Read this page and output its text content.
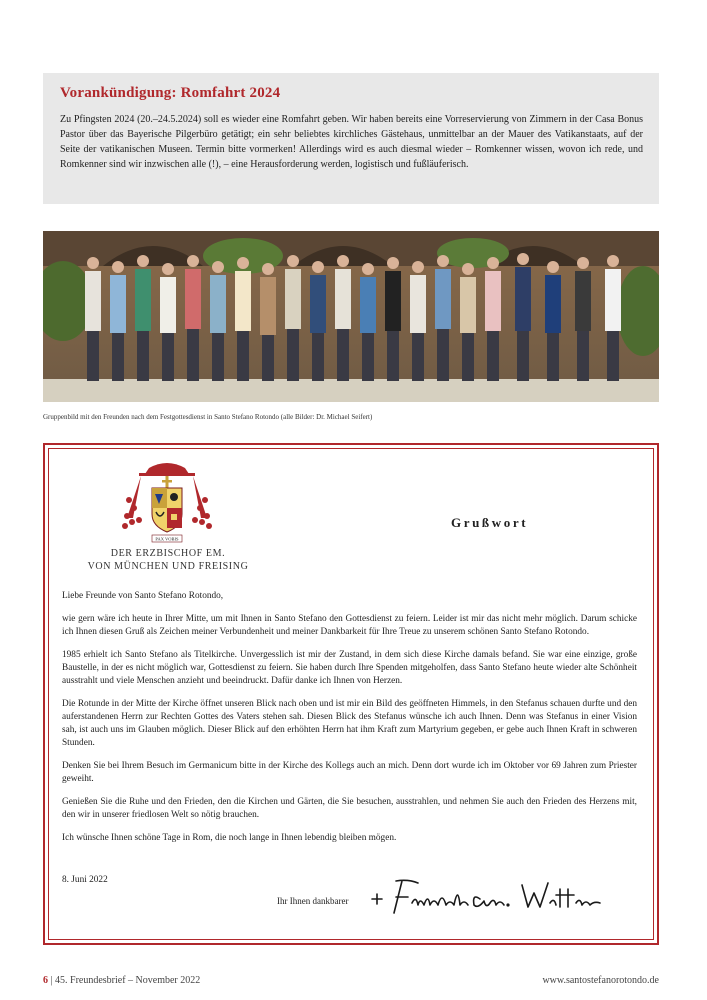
Vorankündigung: Romfahrt 2024

Zu Pfingsten 2024 (20.–24.5.2024) soll es wieder eine Romfahrt geben. Wir haben bereits eine Vorreservierung von Zimmern in der Casa Bonus Pastor über das Bayerische Pilgerbüro getätigt; ein sehr beliebtes kirchliches Gästehaus, unmittelbar an der Mauer des Vatikanstaats, auf der Seite der vatikanischen Museen. Termin bitte vormerken! Allerdings wird es auch diesmal wieder – Romkenner wissen, wovon ich rede, und Romkenner sind wir inzwischen alle (!), – eine Herausforderung werden, logistisch und fußläuferisch.

Gruppenbild mit den Freunden nach dem Festgottesdienst in Santo Stefano Rotondo (alle Bilder: Dr. Michael Seifert)
PAX VOBIS
DER ERZBISCHOF EM.
VON MÜNCHEN UND FREISING
Grußwort

Liebe Freunde von Santo Stefano Rotondo,

wie gern wäre ich heute in Ihrer Mitte, um mit Ihnen in Santo Stefano den Gottesdienst zu feiern. Leider ist mir das nicht mehr möglich. Darum schicke ich Ihnen diesen Gruß als Zeichen meiner Verbundenheit und meiner Dankbarkeit für Ihre Treue zu unserem schönen Santo Stefano Rotondo.

1985 erhielt ich Santo Stefano als Titelkirche. Unvergesslich ist mir der Zustand, in dem sich diese Kirche damals befand. Sie war eine einzige, große Baustelle, in der es nicht möglich war, Gottesdienst zu feiern. Sie haben durch Ihre Spenden mitgeholfen, dass Santo Stefano heute wieder alte Schönheit ausstrahlt und viele Menschen anzieht und beeindruckt. Dafür danke ich Ihnen von Herzen.

Die Rotunde in der Mitte der Kirche öffnet unseren Blick nach oben und ist mir ein Bild des geöffneten Himmels, in den Stefanus schauen durfte und den auferstandenen Herrn zur Rechten Gottes des Vaters stehen sah. Diesen Blick des Stefanus wünsche ich auch Ihnen. Denn was Stefanus in einer Vision sah, ist auch uns im Glauben möglich. Dieser Blick auf den erhöhten Herrn hat ihm Kraft zum Martyrium gegeben, er gebe auch Ihnen Kraft in schweren Stunden.

Denken Sie bei Ihrem Besuch im Germanicum bitte in der Kirche des Kollegs auch an mich. Denn dort wurde ich im Oktober vor 69 Jahren zum Priester geweiht.

Genießen Sie die Ruhe und den Frieden, den die Kirchen und Gärten, die Sie besuchen, ausstrahlen, und nehmen Sie auch den Frieden des Herzens mit, den wir in unserer friedlosen Welt so nötig brauchen.

Ich wünsche Ihnen schöne Tage in Rom, die noch lange in Ihnen lebendig bleiben mögen.

8. Juni 2022
Ihr Ihnen dankbarer
6 | 45. Freundesbrief – November 2022	www.santostefanorotondo.de
